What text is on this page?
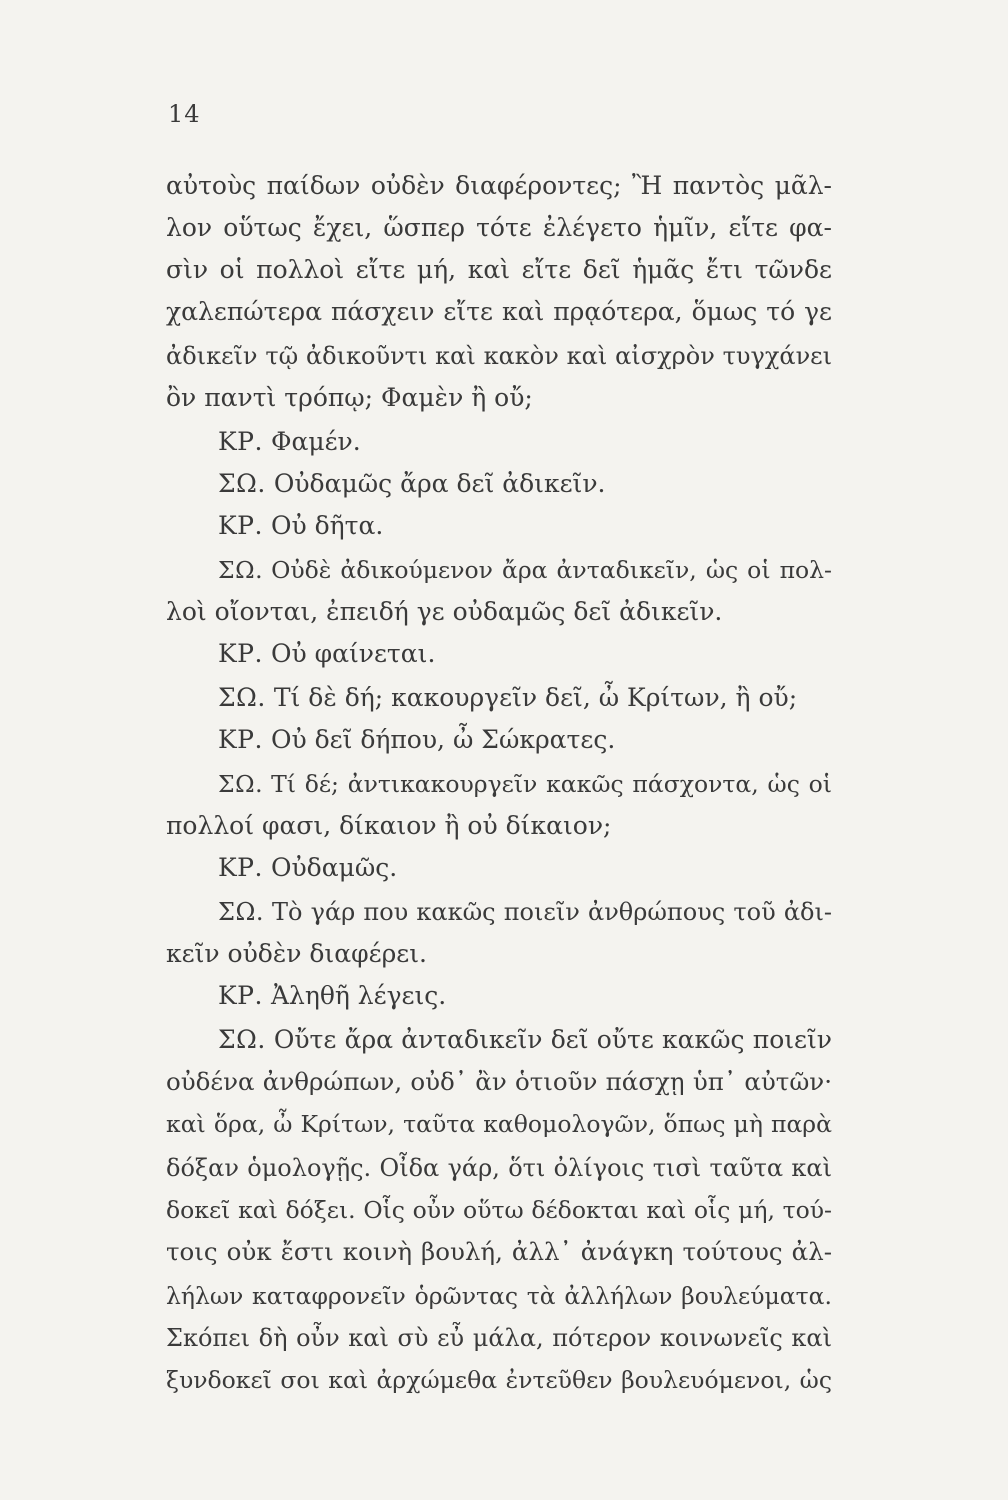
14
αὐτοὺς παίδων οὐδὲν διαφέροντες; Ἢ παντὸς μᾶλ-
λον οὕτως ἔχει, ὥσπερ τότε ἐλέγετο ἡμῖν, εἴτε φα-
σὶν οἱ πολλοὶ εἴτε μή, καὶ εἴτε δεῖ ἡμᾶς ἔτι τῶνδε
χαλεπώτερα πάσχειν εἴτε καὶ πρᾳότερα, ὅμως τό γε
ἀδικεῖν τῷ ἀδικοῦντι καὶ κακὸν καὶ αἰσχρὸν τυγχάνει
ὂν παντὶ τρόπῳ; Φαμὲν ἢ οὔ;
ΚΡ. Φαμέν.
ΣΩ. Οὐδαμῶς ἄρα δεῖ ἀδικεῖν.
ΚΡ. Οὐ δῆτα.
ΣΩ. Οὐδὲ ἀδικούμενον ἄρα ἀνταδικεῖν, ὡς οἱ πολ-
λοὶ οἴονται, ἐπειδή γε οὐδαμῶς δεῖ ἀδικεῖν.
ΚΡ. Οὐ φαίνεται.
ΣΩ. Τί δὲ δή; κακουργεῖν δεῖ, ὦ Κρίτων, ἢ οὔ;
ΚΡ. Οὐ δεῖ δήπου, ὦ Σώκρατες.
ΣΩ. Τί δέ; ἀντικακουργεῖν κακῶς πάσχοντα, ὡς οἱ
πολλοί φασι, δίκαιον ἢ οὐ δίκαιον;
ΚΡ. Οὐδαμῶς.
ΣΩ. Τὸ γάρ που κακῶς ποιεῖν ἀνθρώπους τοῦ ἀδι-
κεῖν οὐδὲν διαφέρει.
ΚΡ. Ἀληθῆ λέγεις.
ΣΩ. Οὔτε ἄρα ἀνταδικεῖν δεῖ οὔτε κακῶς ποιεῖν
οὐδένα ἀνθρώπων, οὐδ᾽ ἂν ὁτιοῦν πάσχῃ ὑπ᾽ αὐτῶν·
καὶ ὅρα, ὦ Κρίτων, ταῦτα καθομολογῶν, ὅπως μὴ παρὰ
δόξαν ὁμολογῇς. Οἶδα γάρ, ὅτι ὀλίγοις τισὶ ταῦτα καὶ
δοκεῖ καὶ δόξει. Οἷς οὖν οὕτω δέδοκται καὶ οἷς μή, τού-
τοις οὐκ ἔστι κοινὴ βουλή, ἀλλ᾽ ἀνάγκη τούτους ἀλ-
λήλων καταφρονεῖν ὁρῶντας τὰ ἀλλήλων βουλεύματα.
Σκόπει δὴ οὖν καὶ σὺ εὖ μάλα, πότερον κοινωνεῖς καὶ
ξυνδοκεῖ σοι καὶ ἀρχώμεθα ἐντεῦθεν βουλευόμενοι, ὡς
